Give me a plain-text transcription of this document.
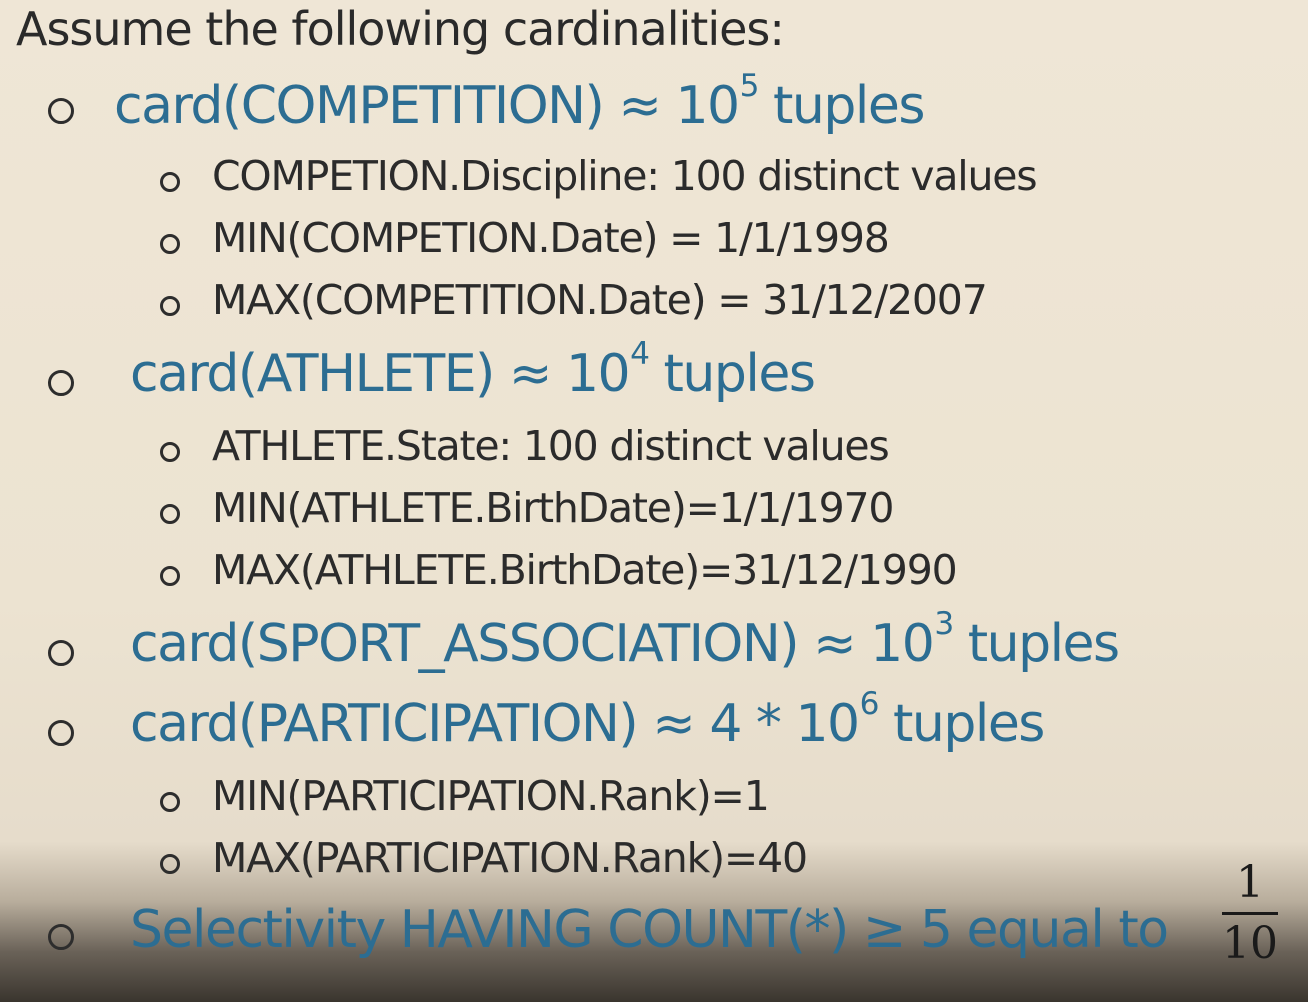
Assume the following cardinalities:
card(COMPETITION) ≈ $10^5$ tuples
COMPETION.Discipline: 100 distinct values
MIN(COMPETION.Date) = 1/1/1998
MAX(COMPETITION.Date) = 31/12/2007
card(ATHLETE) ≈ $10^4$ tuples
ATHLETE.State: 100 distinct values
MIN(ATHLETE.BirthDate)=1/1/1970
MAX(ATHLETE.BirthDate)=31/12/1990
card(SPORT_ASSOCIATION) ≈ $10^3$ tuples
card(PARTICIPATION) ≈ $4 * 10^6$ tuples
MIN(PARTICIPATION.Rank)=1
MAX(PARTICIPATION.Rank)=40
Selectivity HAVING COUNT(*) ≥ 5 equal to
1
10
